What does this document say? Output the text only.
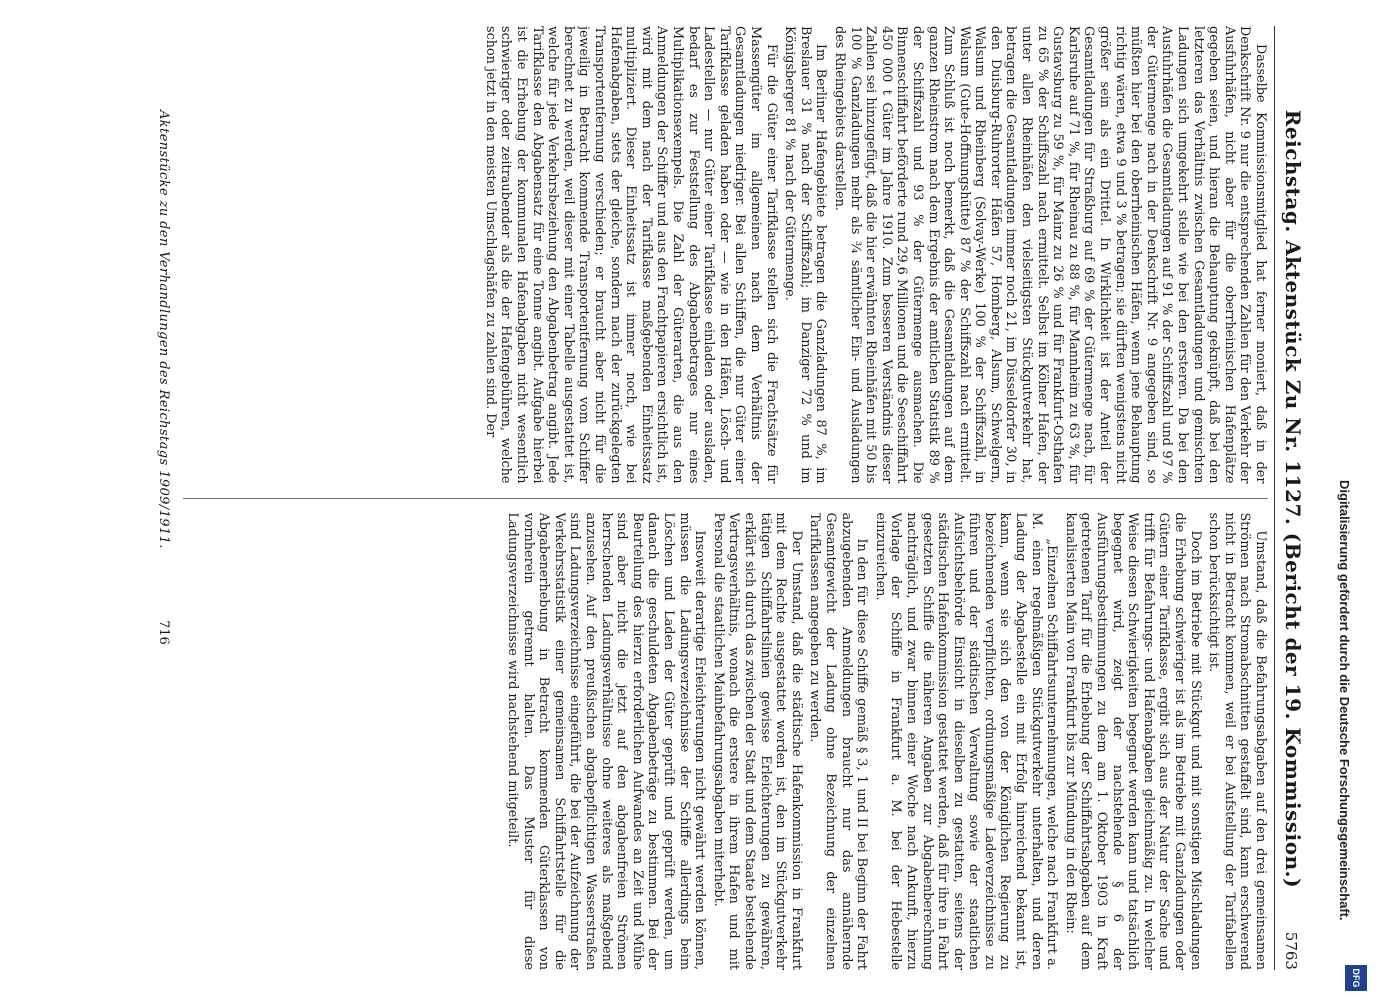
Reichstag. Aktenstück Zu Nr. 1127. (Bericht der 19. Kommission.)
5763

Dasselbe Kommissionsmitglied hat ferner moniert, daß in der Denkschrift Nr. 9 nur die entsprechenden Zahlen für den Verkehr der Ausfuhrhäfen, nicht aber für die oberrheinischen Hafenplätze gegeben seien, und hieran die Behauptung geknüpft, daß bei den letzteren das Verhältnis zwischen Gesamtladungen und gemischten Ladungen sich umgekehrt stelle wie bei den ersteren. Da bei den Ausfuhrhäfen die Gesamtladungen auf 91 % der Schiffszahl und 97 % der Gütermenge nach in der Denkschrift Nr. 9 angegeben sind, so müßten hier bei den oberrheinischen Häfen, wenn jene Behauptung richtig wären, etwa 9 und 3 % betragen; sie dürften wenigstens nicht größer sein als ein Drittel. In Wirklichkeit ist der Anteil der Gesamtladungen für Straßburg auf 69 % der Gütermenge nach, für Karlsruhe auf 71 %, für Rheinau zu 88 %, für Mannheim zu 63 %, für Gustavsburg zu 59 %, für Mainz zu 26 % und für Frankfurt-Osthafen zu 65 % der Schiffszahl nach ermittelt. Selbst im Kölner Hafen, der unter allen Rheinhäfen den vielseitigsten Stückgutverkehr hat, betragen die Gesamtladungen immer noch 21, im Düsseldorfer 30, in den Duisburg-Ruhrorter Häfen 57, Homberg, Alsum, Schwelgern, Walsum und Rheinberg (Solvay-Werke) 100 % der Schiffszahl, in Walsum (Gute-Hoffnungshütte) 87 % der Schiffszahl nach ermittelt. Zum Schluß ist noch bemerkt, daß die Gesamtladungen auf dem ganzen Rheinstrom nach dem Ergebnis der amtlichen Statistik 89 % der Schiffszahl und 93 % der Gütermenge ausmachen. Die Binnenschiffahrt beförderte rund 29,6 Millionen und die Seeschiffahrt 450 000 t Güter im Jahre 1910. Zum besseren Verständnis dieser Zahlen sei hinzugefügt, daß die hier erwähnten Rheinhäfen mit 50 bis 100 % Ganzladungen mehr als ¾ sämtlicher Ein- und Ausladungen des Rheingebiets darstellen.

Im Berliner Hafengebiete betragen die Ganzladungen 87 %, im Breslauer 31 % nach der Schiffszahl; im Danziger 72 % und im Königsberger 81 % nach der Gütermenge.

Für die Güter einer Tarifklasse stellen sich die Frachtsätze für Massengüter im allgemeinen nach dem Verhältnis der Gesamtladungen niedriger. Bei allen Schiffen, die nur Güter einer Tarifklasse geladen haben oder — wie in den Häfen, Lösch- und Ladestellen — nur Güter einer Tarifklasse einladen oder ausladen, bedarf es zur Feststellung des Abgabenbetrages nur eines Multiplikationsexempels. Die Zahl der Güterarten, die aus den Anmeldungen der Schiffer und aus den Frachtpapieren ersichtlich ist, wird mit dem nach der Tarifklasse maßgebenden Einheitssatz multipliziert. Dieser Einheitssatz ist immer noch, wie bei Hafenabgaben, stets der gleiche, sondern nach der zurückgelegten Transportentfernung verschieden; er braucht aber nicht für die jeweilig in Betracht kommende Transportentfernung vom Schiffer berechnet zu werden, weil dieser mit einer Tabelle ausgestattet ist, welche für jede Verkehrsbeziehung den Abgabenbetrag angibt. Jede Tarifklasse den Abgabensatz für eine Tonne angibt. Aufgabe hierbei ist die Erhebung der kommunalen Hafenabgaben nicht wesentlich schwieriger oder zeitraubender als die der Hafengebühren, welche schon jetzt in den meisten Umschlagshäfen zu zahlen sind. Der

Umstand, daß die Befahrungsabgaben auf den drei gemeinsamen Strömen nach Stromabschnitten gestaffelt sind, kann erschwerend nicht in Betracht kommen, weil er bei Aufstellung der Tarifabellen schon berücksichtigt ist.

Doch im Betriebe mit Stückgut und mit sonstigen Mischladungen die Erhebung schwieriger ist als im Betriebe mit Ganzladungen oder Gütern einer Tarifklasse, ergibt sich aus der Natur der Sache und trifft für Befahrungs- und Hafenabgaben gleichmäßig zu. In welcher Weise diesen Schwierigkeiten begegnet werden kann und tatsächlich begegnet wird, zeigt der nachstehende § 6 der Ausführungsbestimmungen zu dem am 1. Oktober 1903 in Kraft getretenen Tarif für die Erhebung der Schiffahrtsabgaben auf dem kanalisierten Main von Frankfurt bis zur Mündung in den Rhein:

„Einzelnen Schiffahrtsunternehmungen, welche nach Frankfurt a. M. einen regelmäßigen Stückgutverkehr unterhalten, und deren Ladung der Abgabestelle ein mit Erfolg hinreichend bekannt ist, kann, wenn sie sich den von der Königlichen Regierung zu bezeichnenden verpflichten, ordnungsmäßige Ladeverzeichnisse zu führen und der städtischen Verwaltung sowie der staatlichen Aufsichtsbehörde Einsicht in dieselben zu gestatten, seitens der städtischen Hafenkommission gestattet werden, daß für ihre in Fahrt gesetzten Schiffe die näheren Angaben zur Abgabenberechnung nachträglich, und zwar binnen einer Woche nach Ankunft, hierzu Vorlage der Schiffe in Frankfurt a. M. bei der Hebestelle einzureichen.

In den für diese Schiffe gemäß § 3, 1 und II bei Beginn der Fahrt abzugebenden Anmeldungen braucht nur das annähernde Gesamtgewicht der Ladung ohne Bezeichnung der einzelnen Tarifklassen angegeben zu werden.

Der Umstand, daß die städtische Hafenkommission in Frankfurt mit dem Rechte ausgestattet worden ist, den im Stückgutverkehr tätigen Schiffahrtslinien gewisse Erleichterungen zu gewähren, erklärt sich durch das zwischen der Stadt und dem Staate bestehende Vertragsverhältnis, wonach die erstere in ihrem Hafen und mit Personal die staatlichen Mainbefahrungsabgaben miterhebt.

Insoweit derartige Erleichterungen nicht gewährt werden können, müssen die Ladungsverzeichnisse der Schiffe allerdings beim Löschen und Laden der Güter geprüft und geprüft werden, um danach die geschuldeten Abgabenbeträge zu bestimmen. Bei der Beurteilung des hierzu erforderlichen Aufwandes an Zeit und Mühe sind aber nicht die jetzt auf den abgabenfreien Strömen herrschenden Ladungsverhältnisse ohne weiteres als maßgebend anzusehen. Auf den preußischen abgabepflichtigen Wasserstraßen sind Ladungsverzeichnisse eingeführt, die bei der Aufzeichnung der Verkehrsstatistik einer gemeinsamen Schiffahrtstelle für die Abgabenerhebung in Betracht kommenden Güterklassen von vornherein getrennt halten. Das Muster für diese Ladungsverzeichnisse wird nachstehend mitgeteilt.

Aktenstücke zu den Verhandlungen des Reichstags 1909/1911.
716	Digitalisierung gefördert durch die Deutsche Forschungsgemeinschaft.
DFG
